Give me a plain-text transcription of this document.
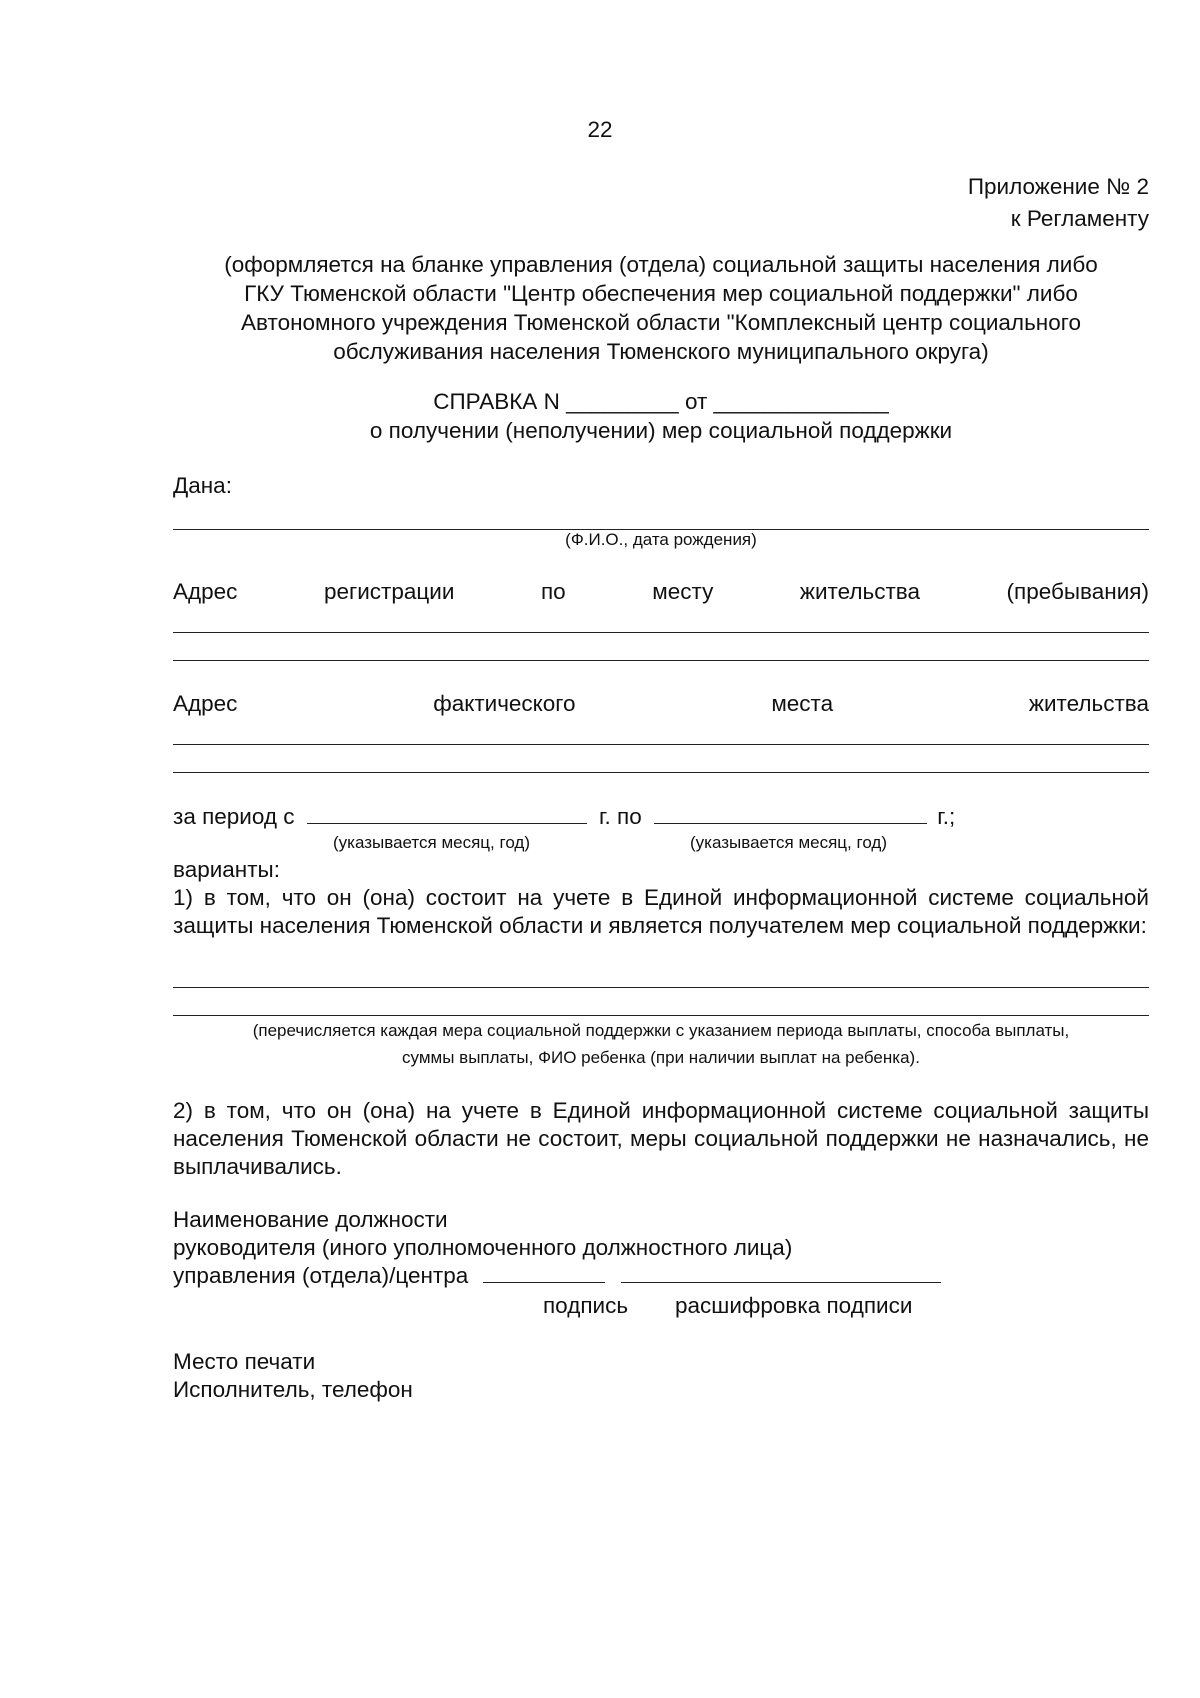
22
Приложение № 2
к Регламенту
(оформляется на бланке управления (отдела) социальной защиты населения либо
ГКУ Тюменской области "Центр обеспечения мер социальной поддержки" либо
Автономного учреждения Тюменской области "Комплексный центр социального
обслуживания населения Тюменского муниципального округа)
СПРАВКА N _________ от ______________
о получении (неполучении) мер социальной поддержки
Дана:
(Ф.И.О., дата рождения)
Адрес	регистрации	по	месту	жительства	(пребывания)
Адрес	фактического	места	жительства
за период с	г. по	г.;
(указывается месяц, год)	(указывается месяц, год)
варианты:
1) в том, что он (она) состоит на учете в Единой информационной системе социальной защиты населения Тюменской области и является получателем мер социальной поддержки:
(перечисляется каждая мера социальной поддержки с указанием периода выплаты, способа выплаты,
суммы выплаты, ФИО ребенка (при наличии выплат на ребенка).
2) в том, что он (она) на учете в Единой информационной системе социальной защиты населения Тюменской области не состоит, меры социальной поддержки не назначались, не выплачивались.
Наименование должности
руководителя (иного уполномоченного должностного лица)
управления (отдела)/центра
подпись расшифровка подписи
Место печати
Исполнитель, телефон
